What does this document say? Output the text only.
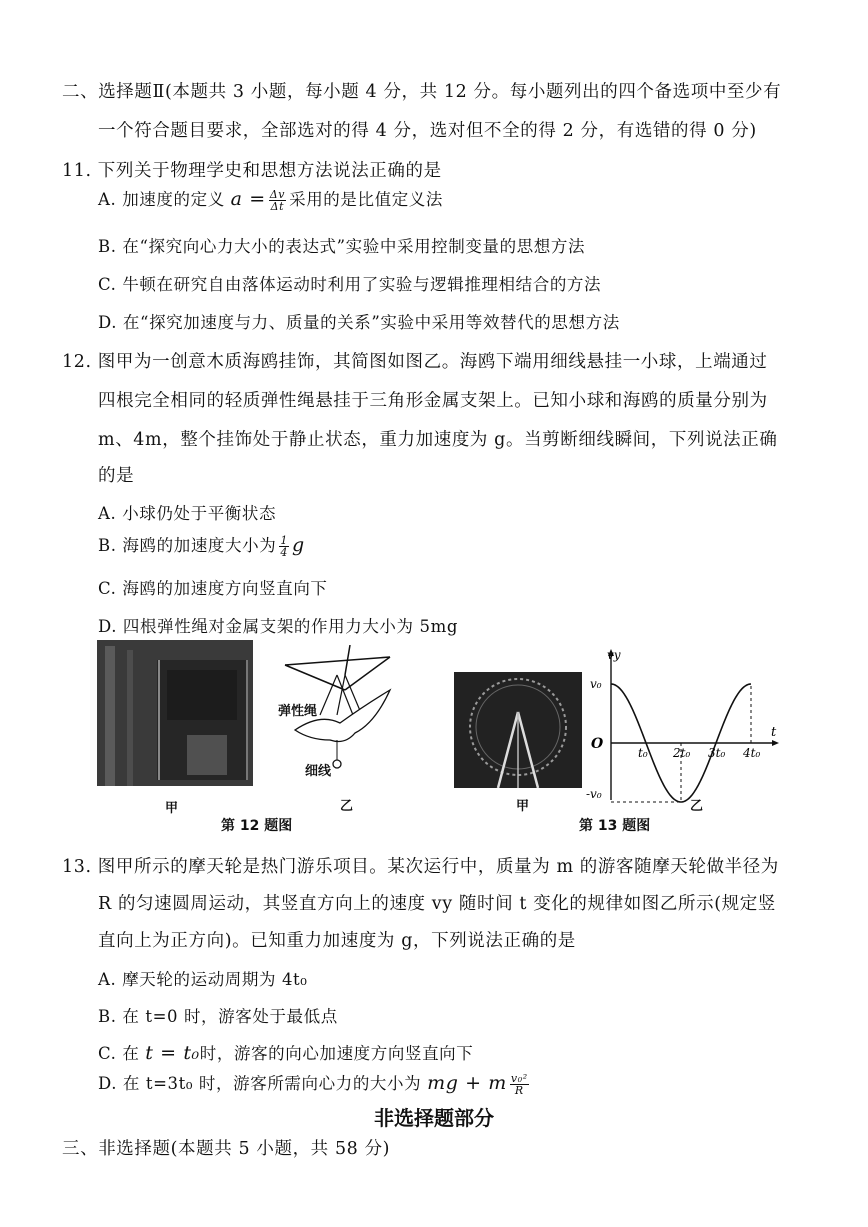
二、选择题Ⅱ(本题共 3 小题，每小题 4 分，共 12 分。每小题列出的四个备选项中至少有
一个符合题目要求，全部选对的得 4 分，选对但不全的得 2 分，有选错的得 0 分)
11. 下列关于物理学史和思想方法说法正确的是
A. 加速度的定义 $a = \frac{\Delta v}{\Delta t}$ 采用的是比值定义法
B. 在“探究向心力大小的表达式”实验中采用控制变量的思想方法
C. 牛顿在研究自由落体运动时利用了实验与逻辑推理相结合的方法
D. 在“探究加速度与力、质量的关系”实验中采用等效替代的思想方法
12. 图甲为一创意木质海鸥挂饰，其简图如图乙。海鸥下端用细线悬挂一小球，上端通过
四根完全相同的轻质弹性绳悬挂于三角形金属支架上。已知小球和海鸥的质量分别为
m、4m，整个挂饰处于静止状态，重力加速度为 g。当剪断细线瞬间，下列说法正确
的是
A. 小球仍处于平衡状态
B. 海鸥的加速度大小为 $\frac{1}{4}$ g
C. 海鸥的加速度方向竖直向下
D. 四根弹性绳对金属支架的作用力大小为 5mg
甲
弹性绳
细线
乙
第 12 题图
甲
vy
t
O
v₀
-v₀
t₀ 2t₀ 3t₀ 4t₀
乙
第 13 题图
13. 图甲所示的摩天轮是热门游乐项目。某次运行中，质量为 m 的游客随摩天轮做半径为
R 的匀速圆周运动，其竖直方向上的速度 vy 随时间 t 变化的规律如图乙所示(规定竖
直向上为正方向)。已知重力加速度为 g，下列说法正确的是
A. 摩天轮的运动周期为 4t₀
B. 在 t=0 时，游客处于最低点
C. 在 t = t₀时，游客的向心加速度方向竖直向下
D. 在 t=3t₀ 时，游客所需向心力的大小为 mg + m $\frac{\text{v₀²}}{R}$
非选择题部分
三、非选择题(本题共 5 小题，共 58 分)
